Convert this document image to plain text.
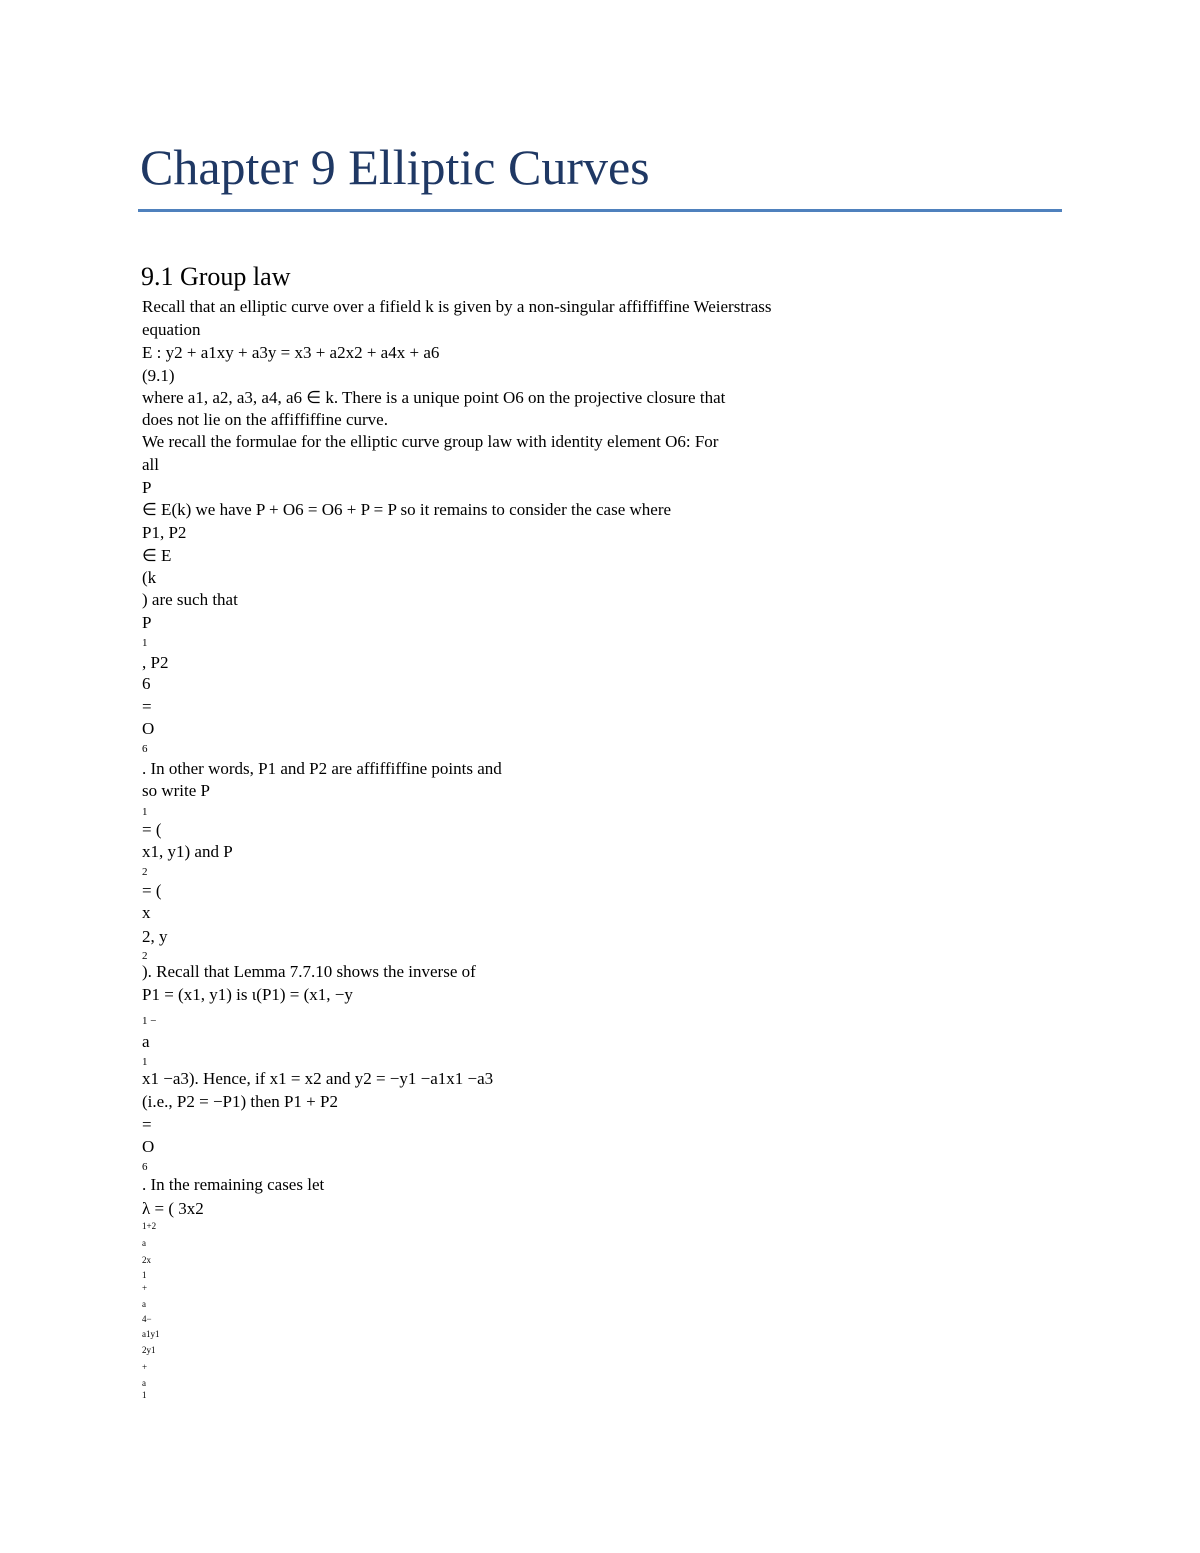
Chapter 9 Elliptic Curves
9.1 Group law
Recall that an elliptic curve over a fifield k is given by a non-singular affiffiffine Weierstrass
equation
E : y2 + a1xy + a3y = x3 + a2x2 + a4x + a6
(9.1)
where a1, a2, a3, a4, a6 ∈ k. There is a unique point O6 on the projective closure that
does not lie on the affiffiffine curve.
We recall the formulae for the elliptic curve group law with identity element O6: For
all
P
∈ E(k) we have P + O6 = O6 + P = P so it remains to consider the case where
P1, P2
∈ E
(k
) are such that
P
1
, P2
6
=
O
6
. In other words, P1 and P2 are affiffiffine points and
so write P
1
= (
x1, y1) and P
2
= (
x
2, y
2
). Recall that Lemma 7.7.10 shows the inverse of
P1 = (x1, y1) is ι(P1) = (x1, −y
1 −
a
1
x1 −a3). Hence, if x1 = x2 and y2 = −y1 −a1x1 −a3
(i.e., P2 = −P1) then P1 + P2
=
O
6
. In the remaining cases let
λ = ( 3x2
1+2
a
2x
1
+
a
4−
a1y1
2y1
+
a
1
